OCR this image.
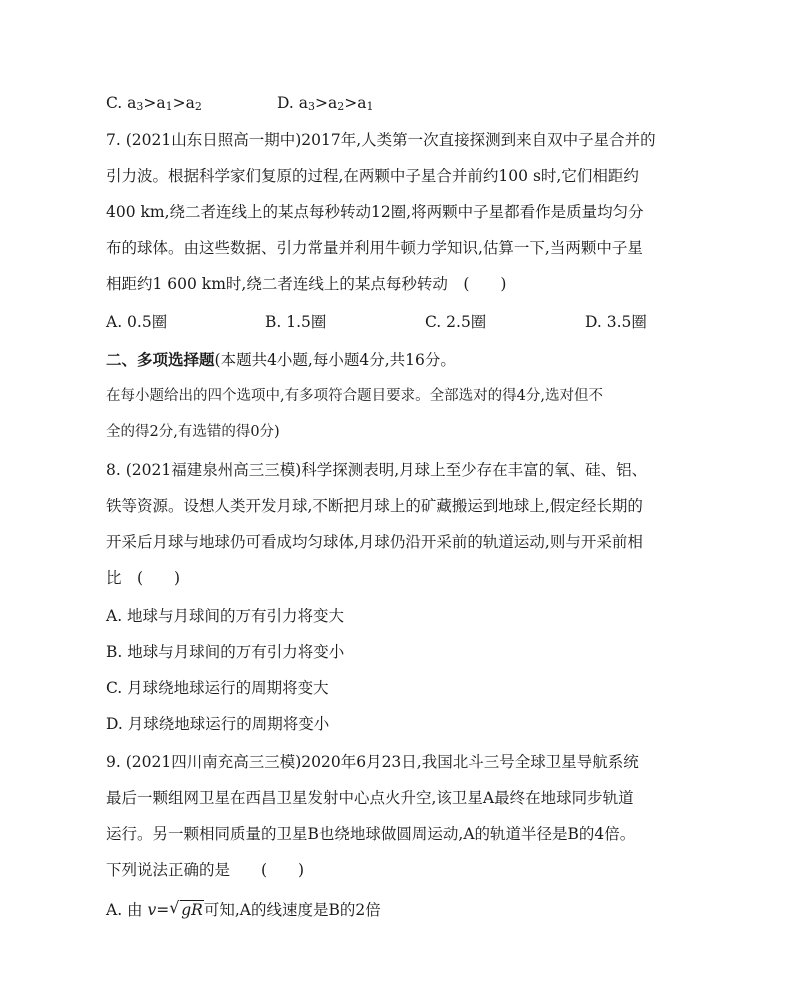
C. a3>a1>a2	D. a3>a2>a1
7. (2021山东日照高一期中)2017年,人类第一次直接探测到来自双中子星合并的
引力波。根据科学家们复原的过程,在两颗中子星合并前约100 s时,它们相距约
400 km,绕二者连线上的某点每秒转动12圈,将两颗中子星都看作是质量均匀分
布的球体。由这些数据、引力常量并利用牛顿力学知识,估算一下,当两颗中子星
相距约1 600 km时,绕二者连线上的某点每秒转动　(　　)
A. 0.5圈	B. 1.5圈	C. 2.5圈	D. 3.5圈
二、多项选择题(本题共4小题,每小题4分,共16分。
在每小题给出的四个选项中,有多项符合题目要求。全部选对的得4分,选对但不
全的得2分,有选错的得0分)
8. (2021福建泉州高三三模)科学探测表明,月球上至少存在丰富的氧、硅、铝、
铁等资源。设想人类开发月球,不断把月球上的矿藏搬运到地球上,假定经长期的
开采后月球与地球仍可看成均匀球体,月球仍沿开采前的轨道运动,则与开采前相
比　(　　)
A. 地球与月球间的万有引力将变大
B. 地球与月球间的万有引力将变小
C. 月球绕地球运行的周期将变大
D. 月球绕地球运行的周期将变小
9. (2021四川南充高三三模)2020年6月23日,我国北斗三号全球卫星导航系统
最后一颗组网卫星在西昌卫星发射中心点火升空,该卫星A最终在地球同步轨道
运行。另一颗相同质量的卫星B也绕地球做圆周运动,A的轨道半径是B的4倍。
下列说法正确的是　　(　　)
A. 由 v= √ gR可知,A的线速度是B的2倍
